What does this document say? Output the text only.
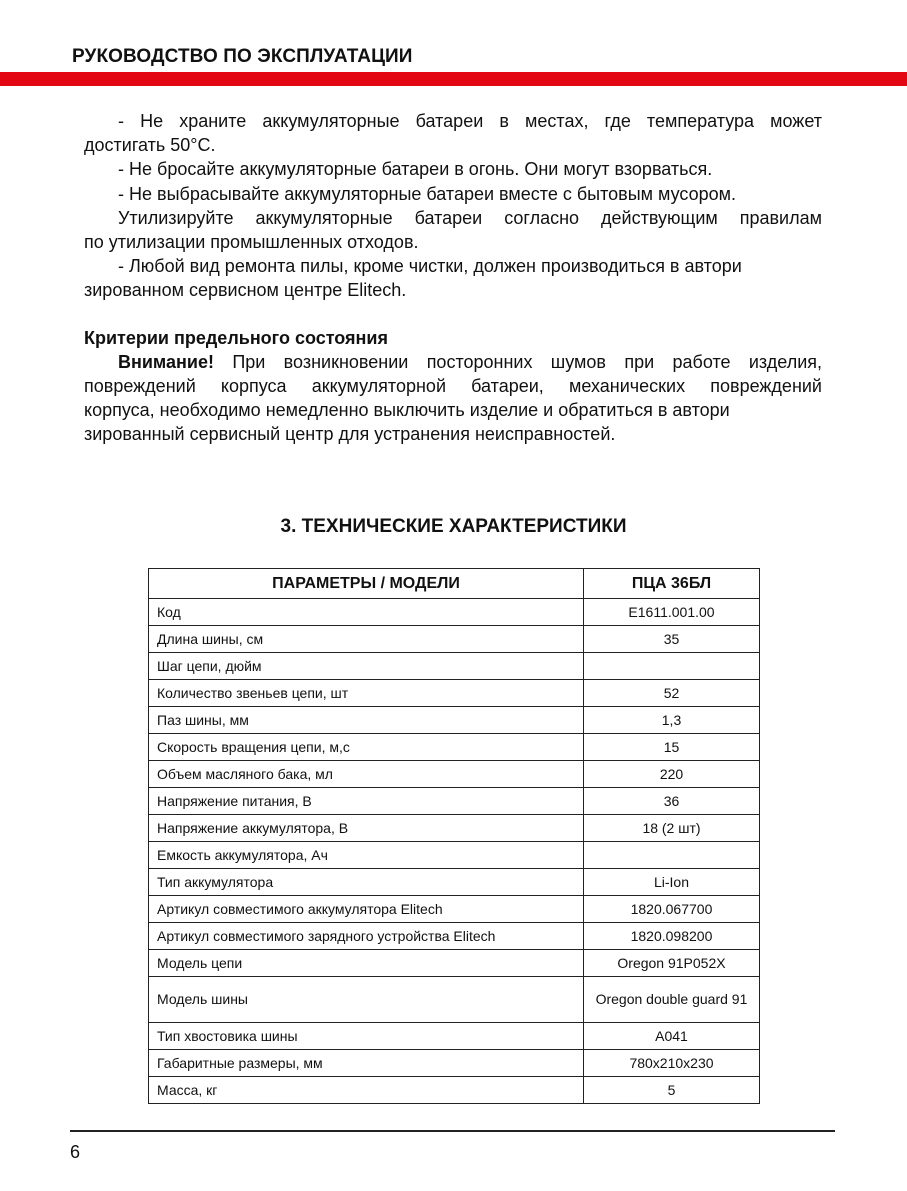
РУКОВОДСТВО ПО ЭКСПЛУАТАЦИИ
- Не храните аккумуляторные батареи в местах, где температура может
достигать 50°C.
- Не бросайте аккумуляторные батареи в огонь. Они могут взорваться.
- Не выбрасывайте аккумуляторные батареи вместе с бытовым мусором.
Утилизируйте аккумуляторные батареи согласно действующим правилам
по утилизации промышленных отходов.
- Любой вид ремонта пилы, кроме чистки, должен производиться в автори
зированном сервисном центре Elitech.
Критерии предельного состояния
Внимание! При возникновении посторонних шумов при работе изделия,
повреждений корпуса аккумуляторной батареи, механических повреждений
корпуса, необходимо немедленно выключить изделие и обратиться в автори
зированный сервисный центр для устранения неисправностей.
3. ТЕХНИЧЕСКИЕ ХАРАКТЕРИСТИКИ
ПАРАМЕТРЫ / МОДЕЛИ	ПЦА 36БЛ
Код	E1611.001.00
Длина шины, см	35
Шаг цепи, дюйм	
Количество звеньев цепи, шт	52
Паз шины, мм	1,3
Скорость вращения цепи, м,с	15
Объем масляного бака, мл	220
Напряжение питания, В	36
Напряжение аккумулятора, В	18 (2 шт)
Емкость аккумулятора, Ач	
Тип аккумулятора	Li-Ion
Артикул совместимого аккумулятора Elitech	1820.067700
Артикул совместимого зарядного устройства Elitech	1820.098200
Модель цепи	Oregon 91P052X
Модель шины	Oregon double guard 91
Тип хвостовика шины	A041
Габаритные размеры, мм	780x210x230
Масса, кг	5
6
